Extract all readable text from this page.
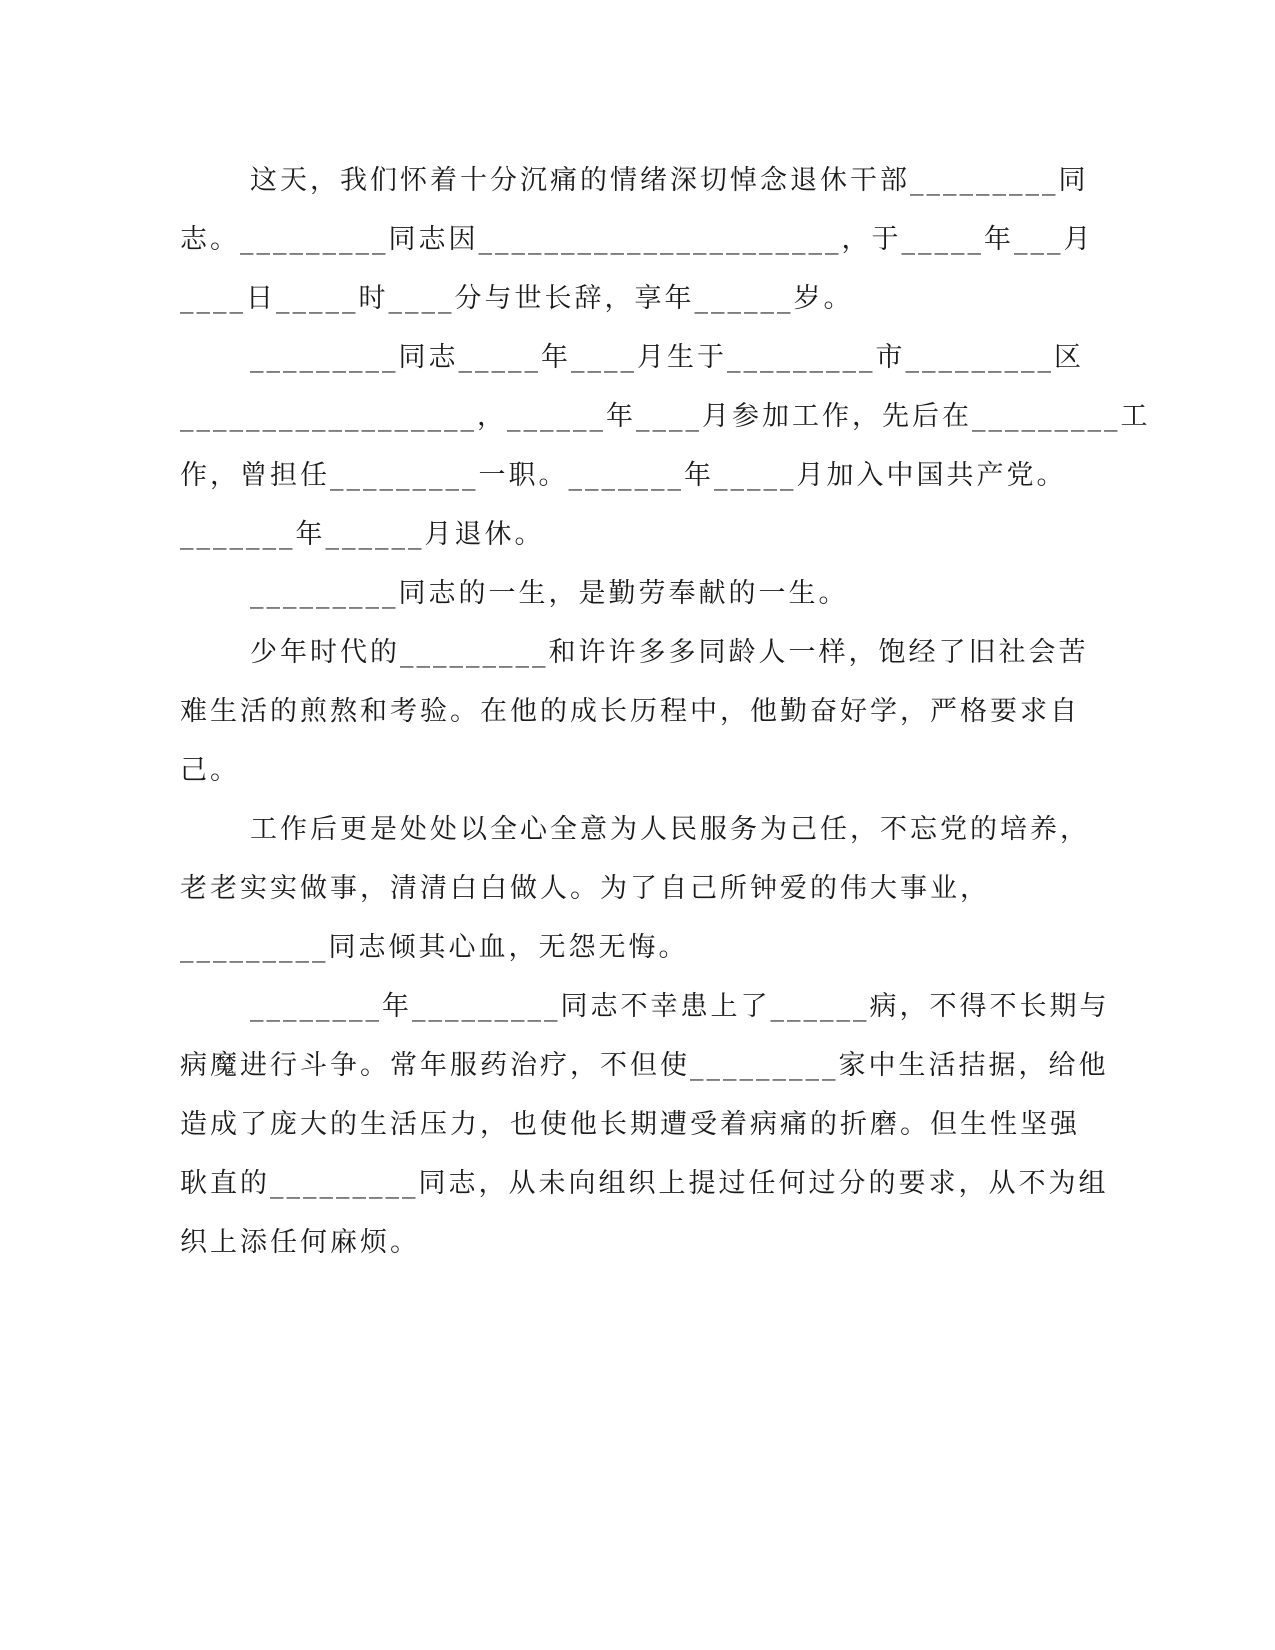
这天，我们怀着十分沉痛的情绪深切悼念退休干部_________同
志。_________同志因______________________，于_____年___月
____日_____时____分与世长辞，享年______岁。
_________同志_____年____月生于_________市_________区
__________________，______年____月参加工作，先后在_________工
作，曾担任_________一职。_______年_____月加入中国共产党。
_______年______月退休。
_________同志的一生，是勤劳奉献的一生。
少年时代的_________和许许多多同龄人一样，饱经了旧社会苦
难生活的煎熬和考验。在他的成长历程中，他勤奋好学，严格要求自
己。
工作后更是处处以全心全意为人民服务为己任，不忘党的培养，
老老实实做事，清清白白做人。为了自己所钟爱的伟大事业，
_________同志倾其心血，无怨无悔。
________年_________同志不幸患上了______病，不得不长期与
病魔进行斗争。常年服药治疗，不但使_________家中生活拮据，给他
造成了庞大的生活压力，也使他长期遭受着病痛的折磨。但生性坚强
耿直的_________同志，从未向组织上提过任何过分的要求，从不为组
织上添任何麻烦。
